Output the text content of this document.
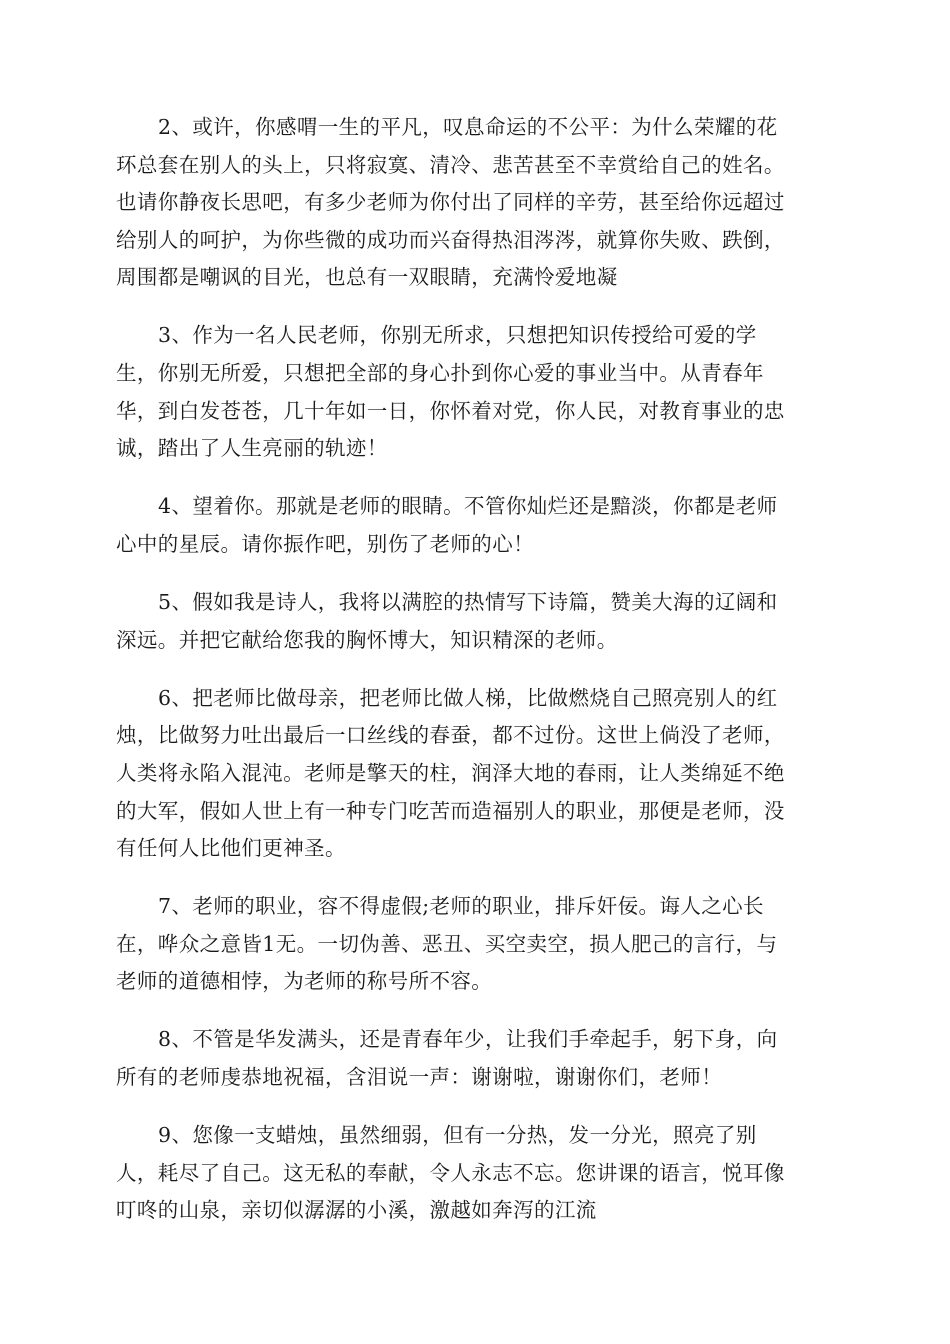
2、或许，你感喟一生的平凡，叹息命运的不公平：为什么荣耀的花
环总套在别人的头上，只将寂寞、清冷、悲苦甚至不幸赏给自己的姓名。
也请你静夜长思吧，有多少老师为你付出了同样的辛劳，甚至给你远超过
给别人的呵护，为你些微的成功而兴奋得热泪涔涔，就算你失败、跌倒，
周围都是嘲讽的目光，也总有一双眼睛，充满怜爱地凝
3、作为一名人民老师，你别无所求，只想把知识传授给可爱的学
生，你别无所爱，只想把全部的身心扑到你心爱的事业当中。从青春年
华，到白发苍苍，几十年如一日，你怀着对党，你人民，对教育事业的忠
诚，踏出了人生亮丽的轨迹！
4、望着你。那就是老师的眼睛。不管你灿烂还是黯淡，你都是老师
心中的星辰。请你振作吧，别伤了老师的心！
5、假如我是诗人，我将以满腔的热情写下诗篇，赞美大海的辽阔和
深远。并把它献给您我的胸怀博大，知识精深的老师。
6、把老师比做母亲，把老师比做人梯，比做燃烧自己照亮别人的红
烛，比做努力吐出最后一口丝线的春蚕，都不过份。这世上倘没了老师，
人类将永陷入混沌。老师是擎天的柱，润泽大地的春雨，让人类绵延不绝
的大军，假如人世上有一种专门吃苦而造福别人的职业，那便是老师，没
有任何人比他们更神圣。
7、老师的职业，容不得虚假;老师的职业，排斥奸佞。诲人之心长
在，哗众之意皆1无。一切伪善、恶丑、买空卖空，损人肥己的言行，与
老师的道德相悖，为老师的称号所不容。
8、不管是华发满头，还是青春年少，让我们手牵起手，躬下身，向
所有的老师虔恭地祝福，含泪说一声：谢谢啦，谢谢你们，老师！
9、您像一支蜡烛，虽然细弱，但有一分热，发一分光，照亮了别
人，耗尽了自己。这无私的奉献，令人永志不忘。您讲课的语言，悦耳像
叮咚的山泉，亲切似潺潺的小溪，激越如奔泻的江流
